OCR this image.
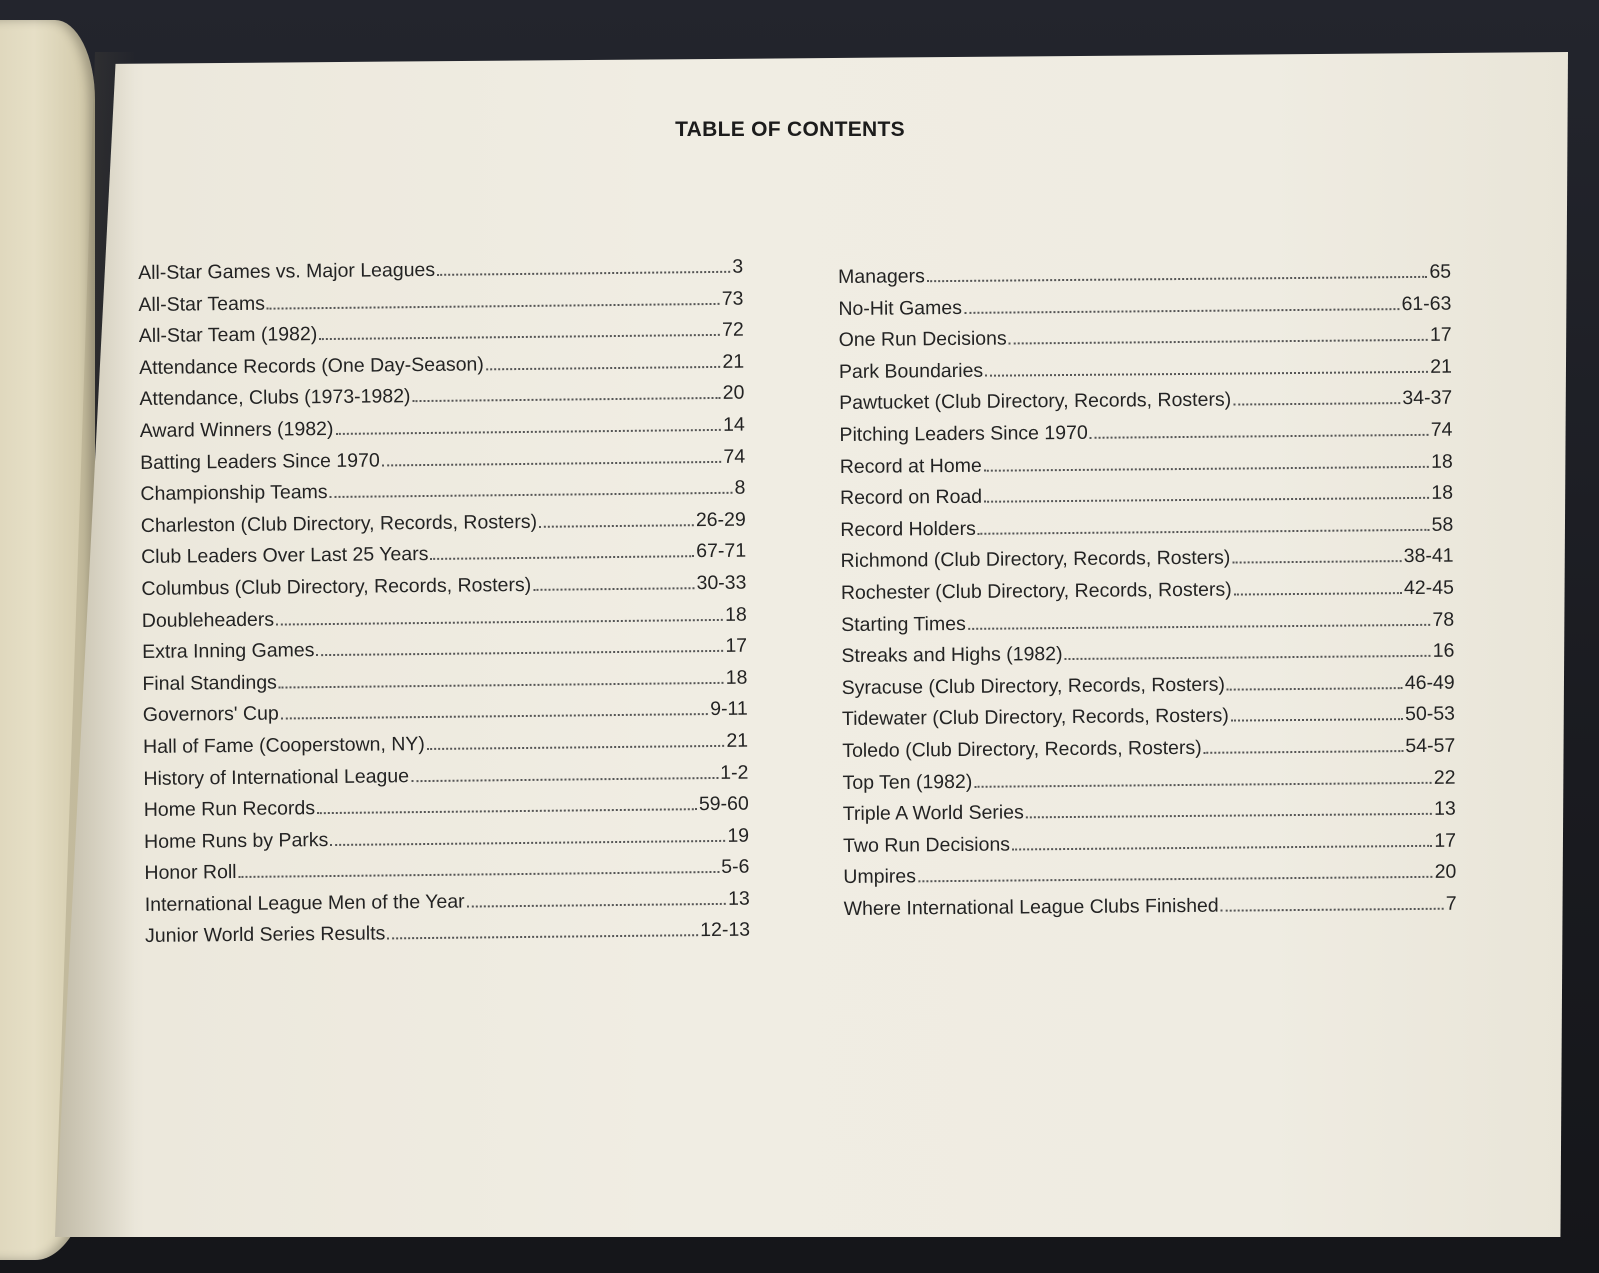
TABLE OF CONTENTS
All-Star Games vs. Major Leagues	3
All-Star Teams	73
All-Star Team (1982)	72
Attendance Records (One Day-Season)	21
Attendance, Clubs (1973-1982)	20
Award Winners (1982)	14
Batting Leaders Since 1970	74
Championship Teams	8
Charleston (Club Directory, Records, Rosters)	26-29
Club Leaders Over Last 25 Years	67-71
Columbus (Club Directory, Records, Rosters)	30-33
Doubleheaders	18
Extra Inning Games	17
Final Standings	18
Governors' Cup	9-11
Hall of Fame (Cooperstown, NY)	21
History of International League	1-2
Home Run Records	59-60
Home Runs by Parks	19
Honor Roll	5-6
International League Men of the Year	13
Junior World Series Results	12-13
Managers	65
No-Hit Games	61-63
One Run Decisions	17
Park Boundaries	21
Pawtucket (Club Directory, Records, Rosters)	34-37
Pitching Leaders Since 1970	74
Record at Home	18
Record on Road	18
Record Holders	58
Richmond (Club Directory, Records, Rosters)	38-41
Rochester (Club Directory, Records, Rosters)	42-45
Starting Times	78
Streaks and Highs (1982)	16
Syracuse (Club Directory, Records, Rosters)	46-49
Tidewater (Club Directory, Records, Rosters)	50-53
Toledo (Club Directory, Records, Rosters)	54-57
Top Ten (1982)	22
Triple A World Series	13
Two Run Decisions	17
Umpires	20
Where International League Clubs Finished	7
